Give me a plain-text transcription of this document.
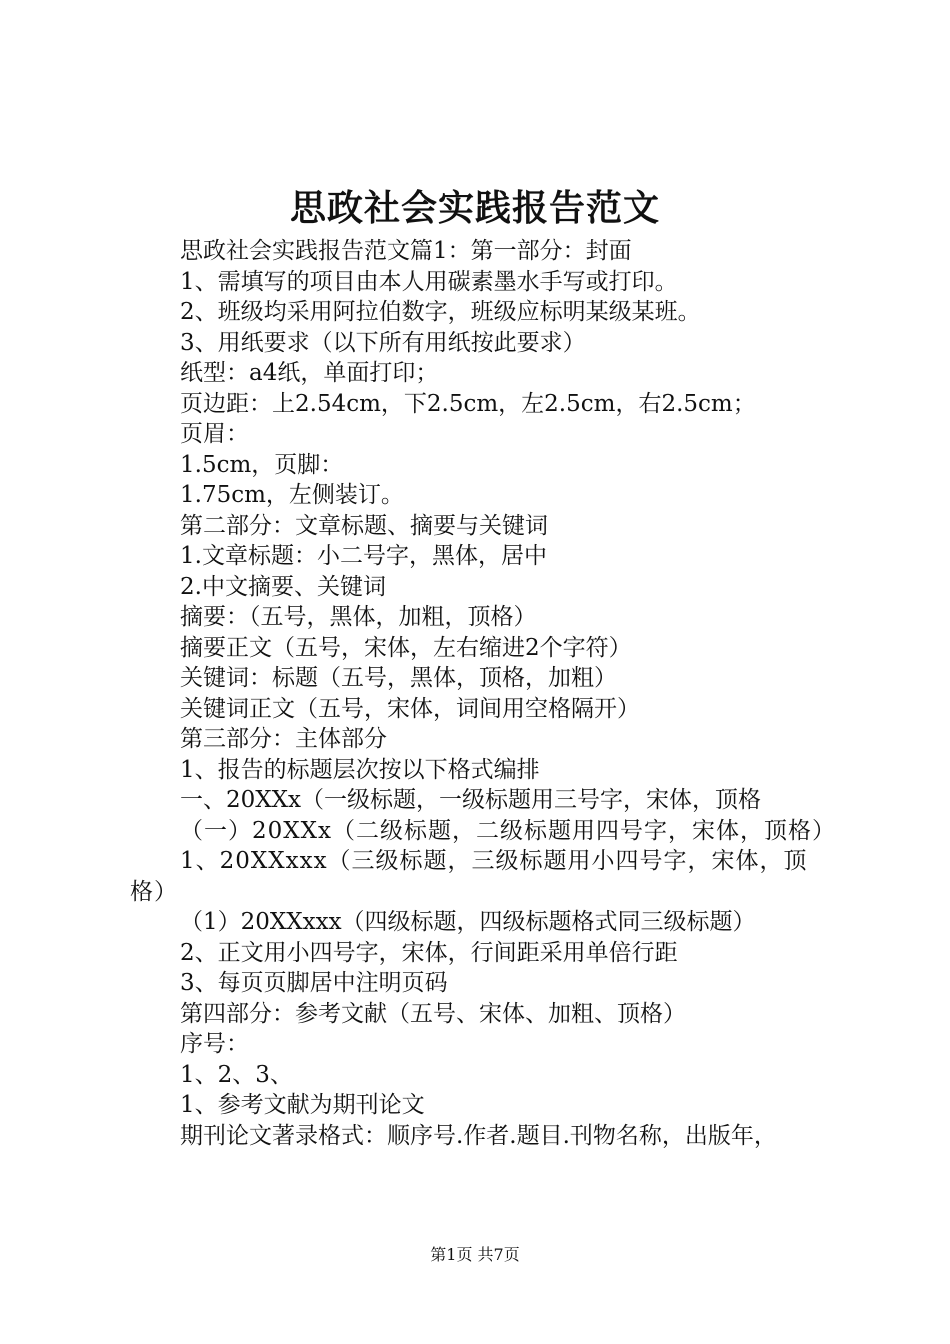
思政社会实践报告范文

思政社会实践报告范文篇1：第一部分：封面

1、需填写的项目由本人用碳素墨水手写或打印。

2、班级均采用阿拉伯数字，班级应标明某级某班。

3、用纸要求（以下所有用纸按此要求）

纸型：a4纸，单面打印；

页边距：上2.54cm，下2.5cm，左2.5cm，右2.5cm；

页眉：

1.5cm，页脚：

1.75cm，左侧装订。

第二部分：文章标题、摘要与关键词

1.文章标题：小二号字，黑体，居中

2.中文摘要、关键词

摘要：（五号，黑体，加粗，顶格）

摘要正文（五号，宋体，左右缩进2个字符）

关键词：标题（五号，黑体，顶格，加粗）

关键词正文（五号，宋体，词间用空格隔开）

第三部分：主体部分

1、报告的标题层次按以下格式编排

一、20XXx（一级标题，一级标题用三号字，宋体，顶格

（一）20XXx（二级标题，二级标题用四号字，宋体，顶格）

1、20XXxxx（三级标题，三级标题用小四号字，宋体，顶格）

（1）20XXxxx（四级标题，四级标题格式同三级标题）

2、正文用小四号字，宋体，行间距采用单倍行距

3、每页页脚居中注明页码

第四部分：参考文献（五号、宋体、加粗、顶格）

序号：

1、2、3、

1、参考文献为期刊论文

期刊论文著录格式：顺序号.作者.题目.刊物名称，出版年，

第1页 共7页
